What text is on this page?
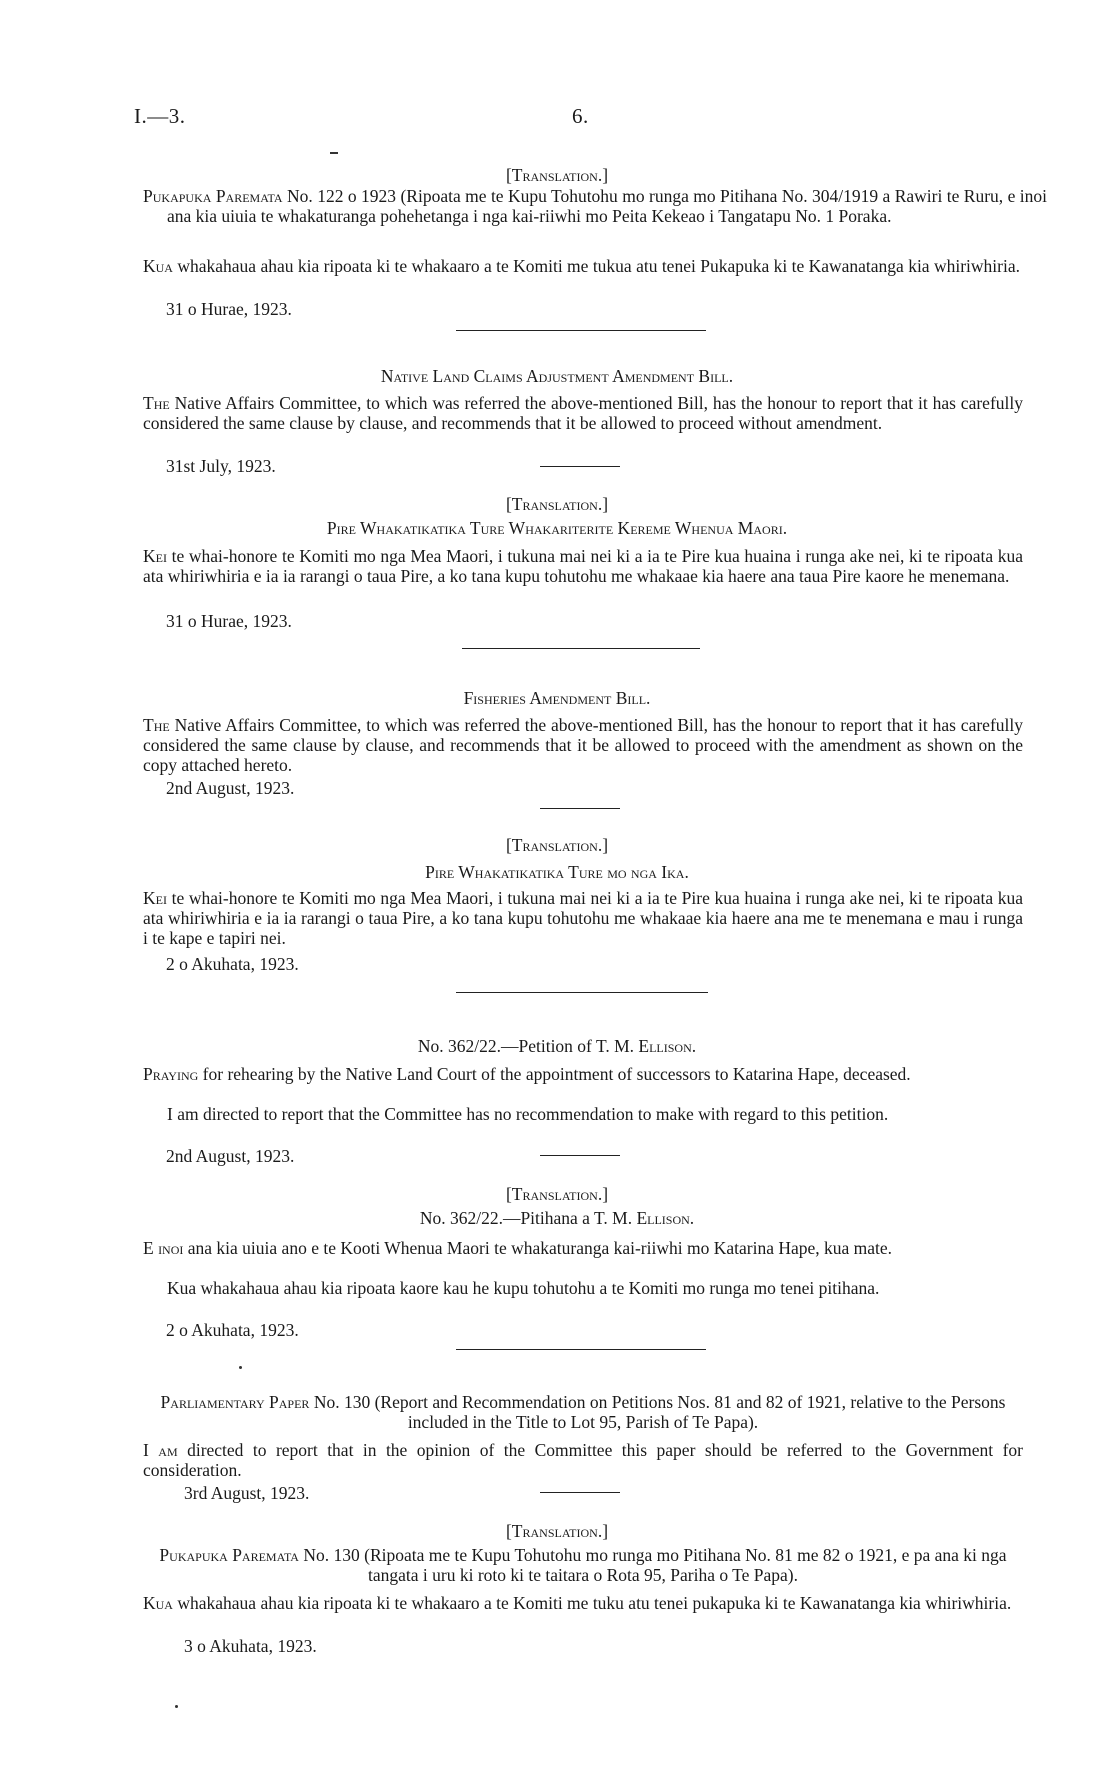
I.—3.	6.
[Translation.]
Pukapuka Paremata No. 122 o 1923 (Ripoata me te Kupu Tohutohu mo runga mo Pitihana No. 304/1919 a Rawiri te Ruru, e inoi ana kia uiuia te whakaturanga pohehetanga i nga kai-riiwhi mo Peita Kekeao i Tangatapu No. 1 Poraka.
Kua whakahaua ahau kia ripoata ki te whakaaro a te Komiti me tukua atu tenei Pukapuka ki te Kawanatanga kia whiriwhiria.
31 o Hurae, 1923.
Native Land Claims Adjustment Amendment Bill.
The Native Affairs Committee, to which was referred the above-mentioned Bill, has the honour to report that it has carefully considered the same clause by clause, and recommends that it be allowed to proceed without amendment.
31st July, 1923.
[Translation.]
Pire Whakatikatika Ture Whakariterite Kereme Whenua Maori.
Kei te whai-honore te Komiti mo nga Mea Maori, i tukuna mai nei ki a ia te Pire kua huaina i runga ake nei, ki te ripoata kua ata whiriwhiria e ia ia rarangi o taua Pire, a ko tana kupu tohutohu me whakaae kia haere ana taua Pire kaore he menemana.
31 o Hurae, 1923.
Fisheries Amendment Bill.
The Native Affairs Committee, to which was referred the above-mentioned Bill, has the honour to report that it has carefully considered the same clause by clause, and recommends that it be allowed to proceed with the amendment as shown on the copy attached hereto.
2nd August, 1923.
[Translation.]
Pire Whakatikatika Ture mo nga Ika.
Kei te whai-honore te Komiti mo nga Mea Maori, i tukuna mai nei ki a ia te Pire kua huaina i runga ake nei, ki te ripoata kua ata whiriwhiria e ia ia rarangi o taua Pire, a ko tana kupu tohutohu me whakaae kia haere ana me te menemana e mau i runga i te kape e tapiri nei.
2 o Akuhata, 1923.
No. 362/22.—Petition of T. M. Ellison.
Praying for rehearing by the Native Land Court of the appointment of successors to Katarina Hape, deceased.
I am directed to report that the Committee has no recommendation to make with regard to this petition.
2nd August, 1923.
[Translation.]
No. 362/22.—Pitihana a T. M. Ellison.
E inoi ana kia uiuia ano e te Kooti Whenua Maori te whakaturanga kai-riiwhi mo Katarina Hape, kua mate.
Kua whakahaua ahau kia ripoata kaore kau he kupu tohutohu a te Komiti mo runga mo tenei pitihana.
2 o Akuhata, 1923.
Parliamentary Paper No. 130 (Report and Recommendation on Petitions Nos. 81 and 82 of 1921, relative to the Persons included in the Title to Lot 95, Parish of Te Papa).
I am directed to report that in the opinion of the Committee this paper should be referred to the Government for consideration.
3rd August, 1923.
[Translation.]
Pukapuka Paremata No. 130 (Ripoata me te Kupu Tohutohu mo runga mo Pitihana No. 81 me 82 o 1921, e pa ana ki nga tangata i uru ki roto ki te taitara o Rota 95, Pariha o Te Papa).
Kua whakahaua ahau kia ripoata ki te whakaaro a te Komiti me tuku atu tenei pukapuka ki te Kawanatanga kia whiriwhiria.
3 o Akuhata, 1923.
